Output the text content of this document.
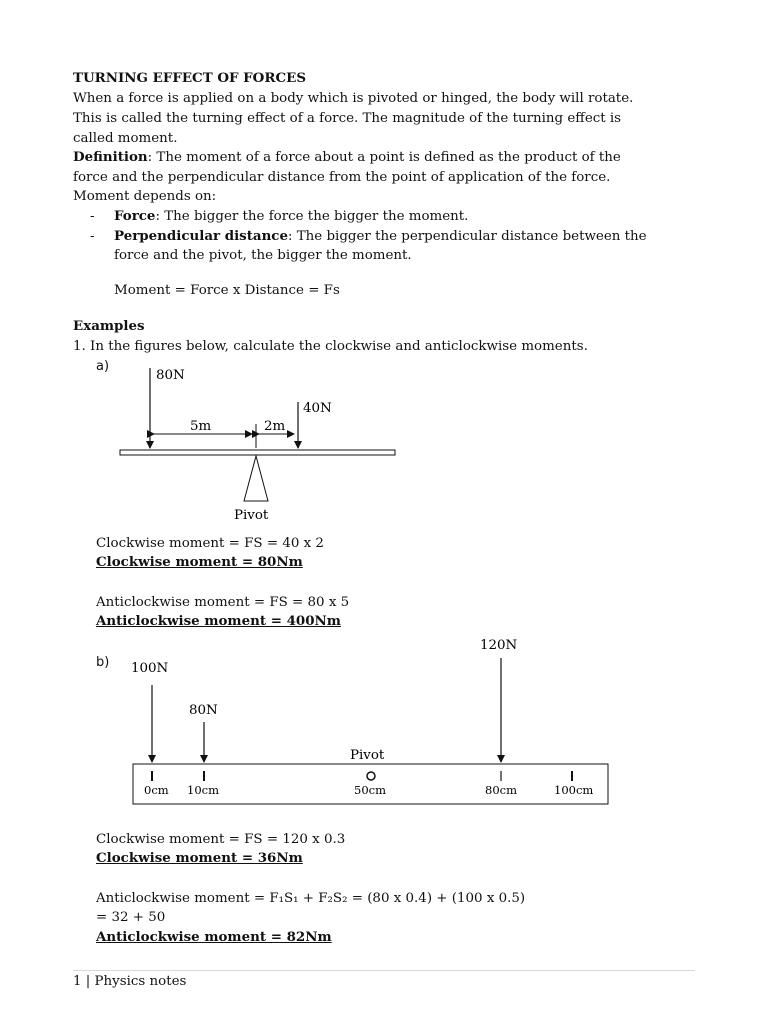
TURNING EFFECT OF FORCES
When a force is applied on a body which is pivoted or hinged, the body will rotate.
This is called the turning effect of a force. The magnitude of the turning effect is
called moment.
Definition: The moment of a force about a point is defined as the product of the
force and the perpendicular distance from the point of application of the force.
Moment depends on:
- Force: The bigger the force the bigger the moment.
- Perpendicular distance: The bigger the perpendicular distance between the
force and the pivot, the bigger the moment.
Moment = Force x Distance = Fs
Examples
1. In the figures below, calculate the clockwise and anticlockwise moments.
a)
80N
40N
5m	2m
Pivot
Clockwise moment = FS = 40 x 2
Clockwise moment = 80Nm
Anticlockwise moment = FS = 80 x 5
Anticlockwise moment = 400Nm
b)
120N
100N
80N
Pivot
0cm 10cm	50cm	80cm	100cm
Clockwise moment = FS = 120 x 0.3
Clockwise moment = 36Nm
Anticlockwise moment = F₁S₁ + F₂S₂ = (80 x 0.4) + (100 x 0.5)
= 32 + 50
Anticlockwise moment = 82Nm
1 | Physics notes
